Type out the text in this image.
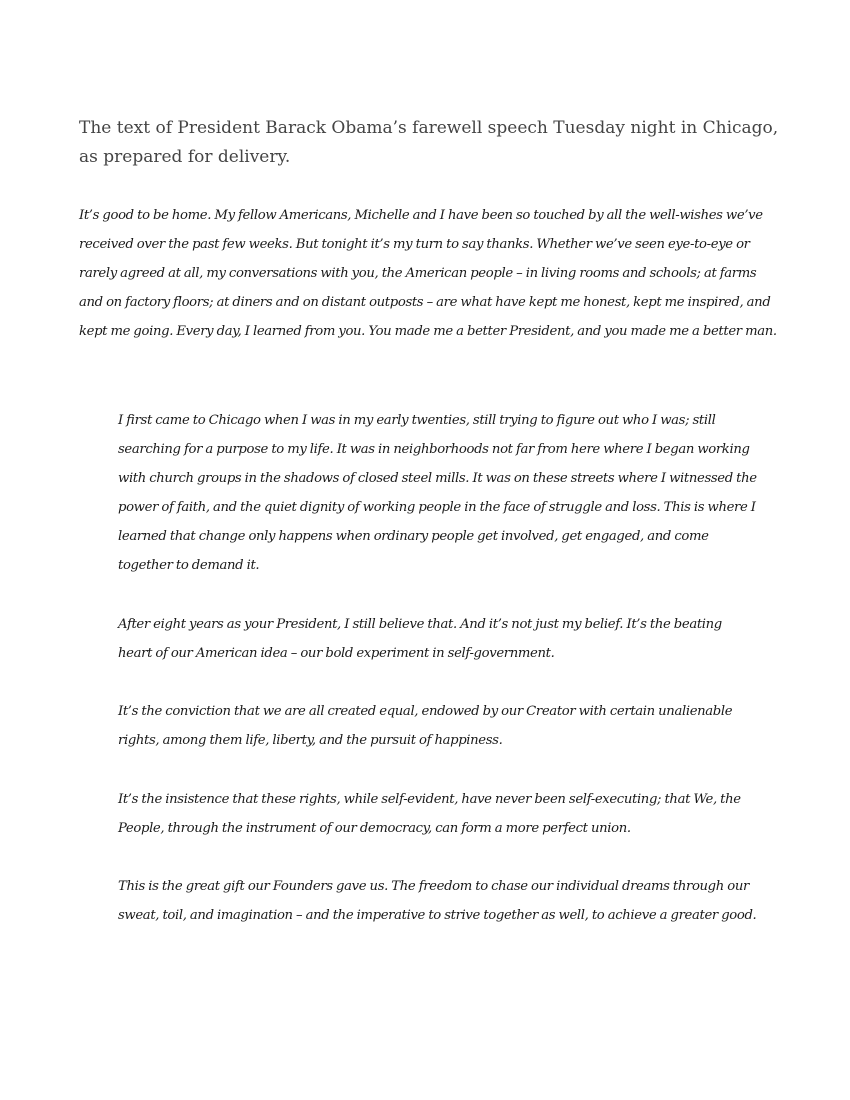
The text of President Barack Obama’s farewell speech Tuesday night in Chicago, as prepared for delivery.

It’s good to be home. My fellow Americans, Michelle and I have been so touched by all the well-wishes we’ve received over the past few weeks. But tonight it’s my turn to say thanks. Whether we’ve seen eye-to-eye or rarely agreed at all, my conversations with you, the American people – in living rooms and schools; at farms and on factory floors; at diners and on distant outposts – are what have kept me honest, kept me inspired, and kept me going. Every day, I learned from you. You made me a better President, and you made me a better man.

I first came to Chicago when I was in my early twenties, still trying to figure out who I was; still searching for a purpose to my life. It was in neighborhoods not far from here where I began working with church groups in the shadows of closed steel mills. It was on these streets where I witnessed the power of faith, and the quiet dignity of working people in the face of struggle and loss. This is where I learned that change only happens when ordinary people get involved, get engaged, and come together to demand it.

After eight years as your President, I still believe that. And it’s not just my belief. It’s the beating heart of our American idea – our bold experiment in self-government.

It’s the conviction that we are all created equal, endowed by our Creator with certain unalienable rights, among them life, liberty, and the pursuit of happiness.

It’s the insistence that these rights, while self-evident, have never been self-executing; that We, the People, through the instrument of our democracy, can form a more perfect union.

This is the great gift our Founders gave us. The freedom to chase our individual dreams through our sweat, toil, and imagination – and the imperative to strive together as well, to achieve a greater good.
